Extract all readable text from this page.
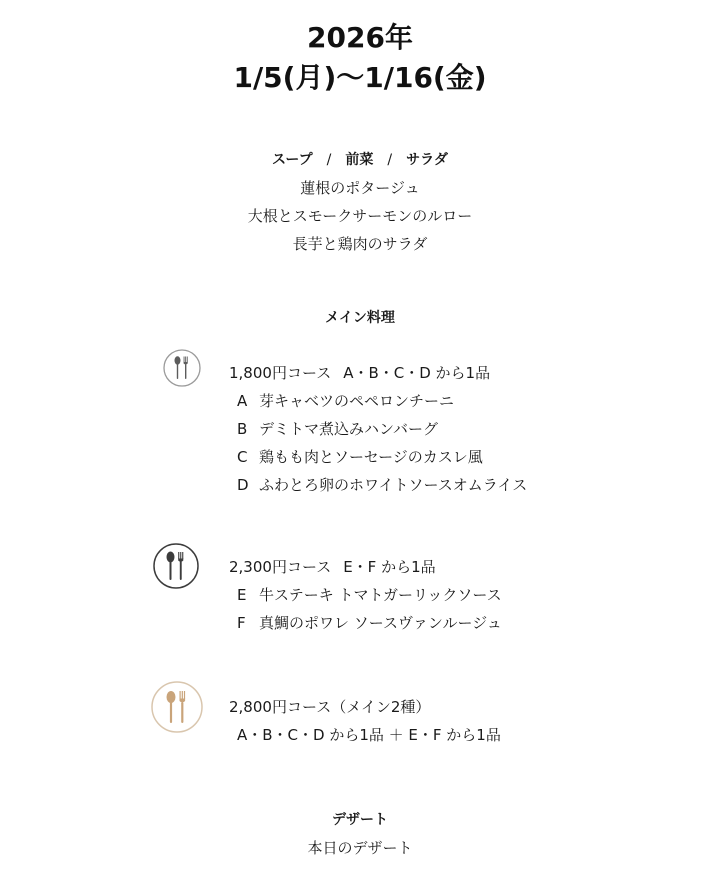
2026年
1/5(月)〜1/16(金)
スープ / 前菜 / サラダ
蓮根のポタージュ
大根とスモークサーモンのルロー
長芋と鶏肉のサラダ
メイン料理
1,800円コース A・B・C・D から1品
A 芽キャベツのペペロンチーニ
B デミトマ煮込みハンバーグ
C 鶏もも肉とソーセージのカスレ風
D ふわとろ卵のホワイトソースオムライス
2,300円コース E・F から1品
E 牛ステーキ トマトガーリックソース
F 真鯛のポワレ ソースヴァンルージュ
2,800円コース（メイン2種）
A・B・C・D から1品 ＋ E・F から1品
デザート
本日のデザート
